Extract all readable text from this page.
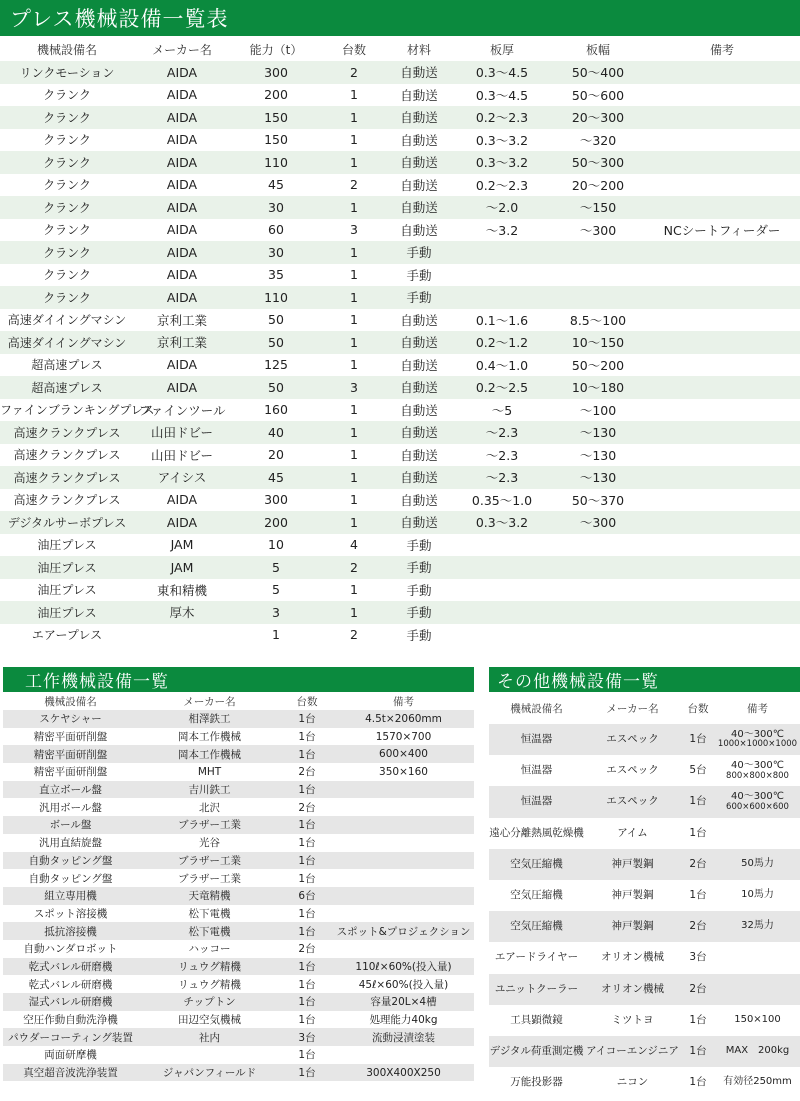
プレス機械設備一覧表
機械設備名	メーカー名	能力（t）	台数	材料	板厚	板幅	備考
リンクモーション	AIDA	300	2	自動送	0.3～4.5	50～400	
クランク	AIDA	200	1	自動送	0.3～4.5	50～600	
クランク	AIDA	150	1	自動送	0.2～2.3	20～300	
クランク	AIDA	150	1	自動送	0.3～3.2	～320	
クランク	AIDA	110	1	自動送	0.3～3.2	50～300	
クランク	AIDA	45	2	自動送	0.2～2.3	20～200	
クランク	AIDA	30	1	自動送	～2.0	～150	
クランク	AIDA	60	3	自動送	～3.2	～300	NCシートフィーダー
クランク	AIDA	30	1	手動			
クランク	AIDA	35	1	手動			
クランク	AIDA	110	1	手動			
高速ダイイングマシン	京利工業	50	1	自動送	0.1～1.6	8.5～100	
高速ダイイングマシン	京利工業	50	1	自動送	0.2～1.2	10～150	
超高速プレス	AIDA	125	1	自動送	0.4～1.0	50～200	
超高速プレス	AIDA	50	3	自動送	0.2～2.5	10～180	
ファインブランキングプレス	ファインツール	160	1	自動送	～5	～100	
高速クランクプレス	山田ドビー	40	1	自動送	～2.3	～130	
高速クランクプレス	山田ドビー	20	1	自動送	～2.3	～130	
高速クランクプレス	アイシス	45	1	自動送	～2.3	～130	
高速クランクプレス	AIDA	300	1	自動送	0.35～1.0	50～370	
デジタルサーボプレス	AIDA	200	1	自動送	0.3～3.2	～300	
油圧プレス	JAM	10	4	手動			
油圧プレス	JAM	5	2	手動			
油圧プレス	東和精機	5	1	手動			
油圧プレス	厚木	3	1	手動			
エアープレス		1	2	手動			
工作機械設備一覧
機械設備名	メーカー名	台数	備考
スケヤシャー	相澤鉄工	1台	4.5t×2060mm
精密平面研削盤	岡本工作機械	1台	1570×700
精密平面研削盤	岡本工作機械	1台	600×400
精密平面研削盤	MHT	2台	350×160
直立ボール盤	吉川鉄工	1台	
汎用ボール盤	北沢	2台	
ボール盤	ブラザー工業	1台	
汎用直結旋盤	光谷	1台	
自動タッピング盤	ブラザー工業	1台	
自動タッピング盤	ブラザー工業	1台	
組立専用機	天竜精機	6台	
スポット溶接機	松下電機	1台	
抵抗溶接機	松下電機	1台	スポット&プロジェクション
自動ハンダロボット	ハッコー	2台	
乾式バレル研磨機	リュウグ精機	1台	110ℓ×60%(投入量)
乾式バレル研磨機	リュウグ精機	1台	45ℓ×60%(投入量)
湿式バレル研磨機	チップトン	1台	容量20L×4槽
空圧作動自動洗浄機	田辺空気機械	1台	処理能力40kg
パウダーコーティング装置	社内	3台	流動浸漬塗装
両面研摩機		1台	
真空超音波洗浄装置	ジャパンフィールド	1台	300X400X250
その他機械設備一覧
機械設備名	メーカー名	台数	備考
恒温器	エスペック	1台	40～300℃
1000×1000×1000

恒温器	エスペック	5台	40～300℃
800×800×800

恒温器	エスペック	1台	40～300℃
600×600×600

遠心分離熱風乾燥機	アイム	1台	
空気圧縮機	神戸製鋼	2台	50馬力
空気圧縮機	神戸製鋼	1台	10馬力
空気圧縮機	神戸製鋼	2台	32馬力
エアードライヤー	オリオン機械	3台	
ユニットクーラー	オリオン機械	2台	
工具顕微鏡	ミツトヨ	1台	150×100
デジタル荷重測定機	アイコーエンジニア	1台	MAX　200kg
万能投影器	ニコン	1台	有効径250mm
